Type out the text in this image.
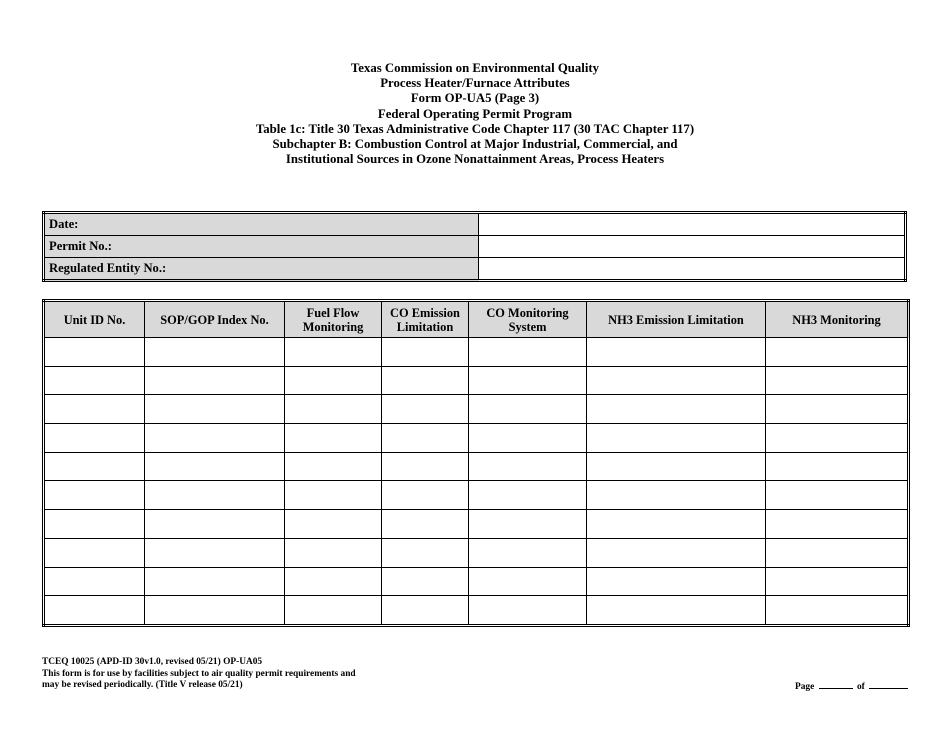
Texas Commission on Environmental Quality
Process Heater/Furnace Attributes
Form OP-UA5 (Page 3)
Federal Operating Permit Program
Table 1c: Title 30 Texas Administrative Code Chapter 117 (30 TAC Chapter 117)
Subchapter B: Combustion Control at Major Industrial, Commercial, and
Institutional Sources in Ozone Nonattainment Areas, Process Heaters
Date:	
Permit No.:	
Regulated Entity No.:	
Unit ID No.	SOP/GOP Index No.	Fuel Flow Monitoring	CO Emission Limitation	CO Monitoring System	NH3 Emission Limitation	NH3 Monitoring

TCEQ 10025 (APD-ID 30v1.0, revised 05/21) OP-UA05
This form is for use by facilities subject to air quality permit requirements and
may be revised periodically. (Title V release 05/21)	Page	of
